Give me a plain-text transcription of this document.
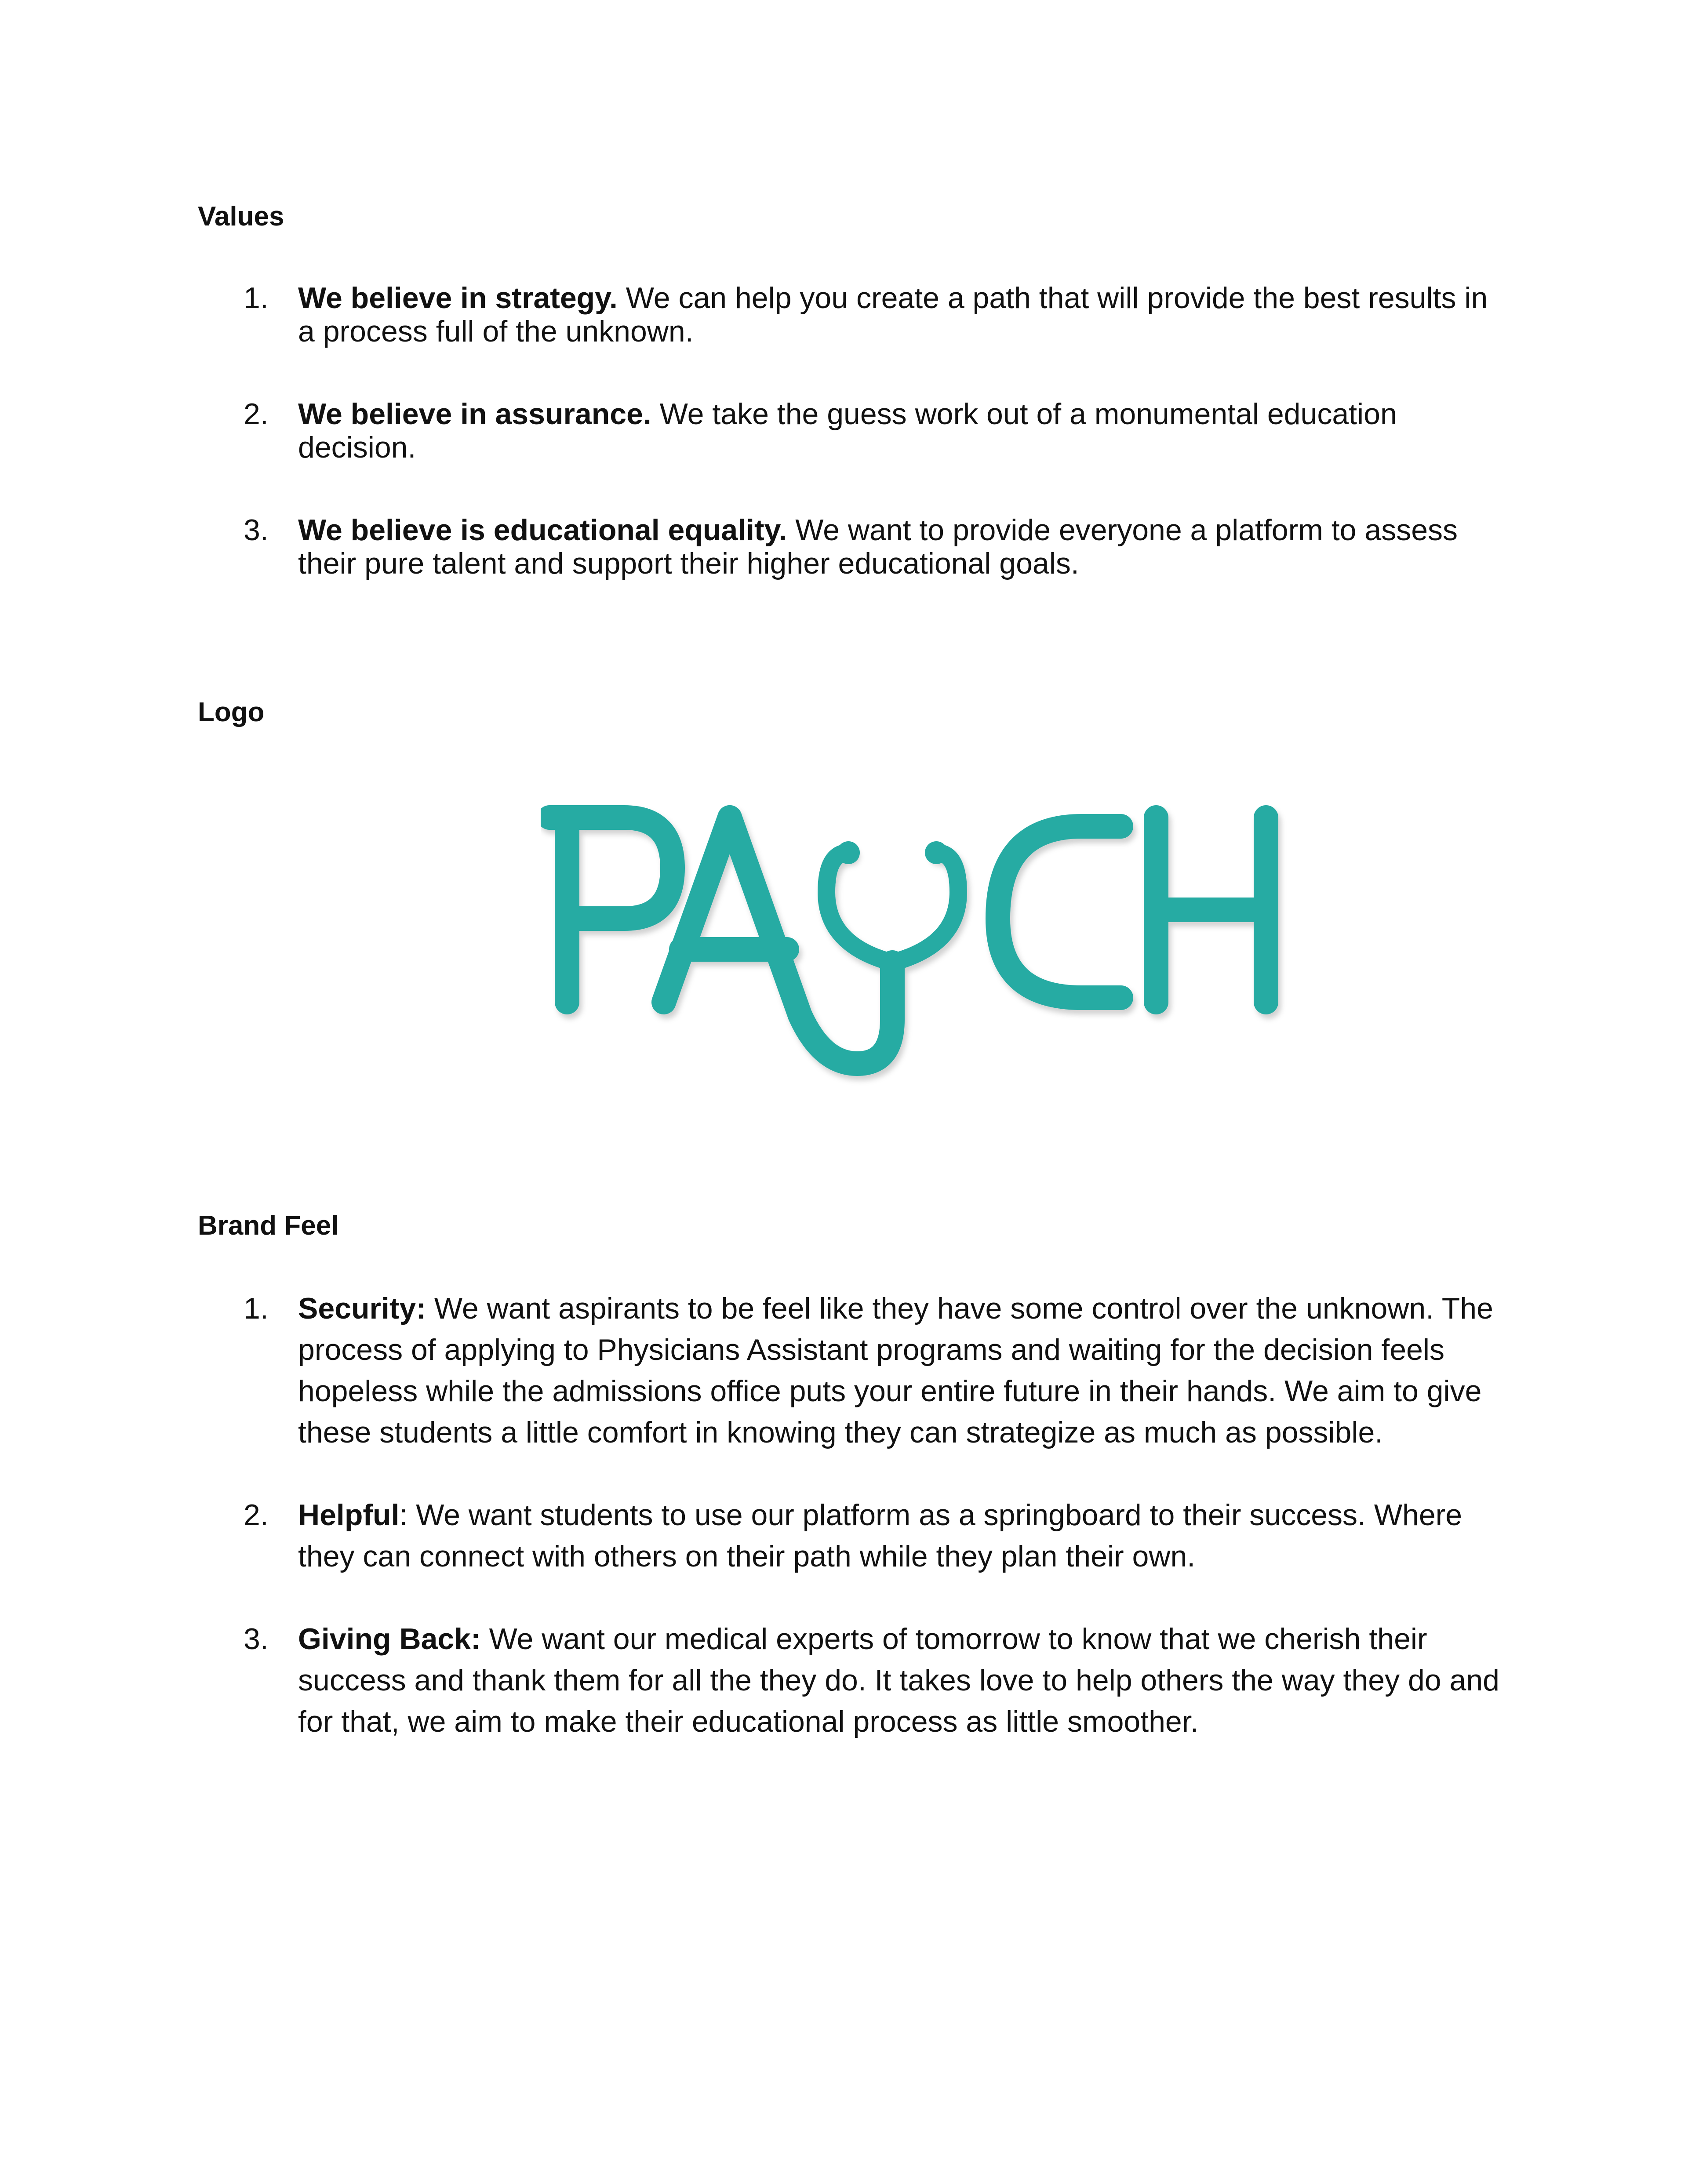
Values
1. We believe in strategy. We can help you create a path that will provide the best results in a process full of the unknown.
2. We believe in assurance. We take the guess work out of a monumental education decision.
3. We believe is educational equality. We want to provide everyone a platform to assess their pure talent and support their higher educational goals.
Logo
Brand Feel
1. Security: We want aspirants to be feel like they have some control over the unknown. The process of applying to Physicians Assistant programs and waiting for the decision feels hopeless while the admissions office puts your entire future in their hands. We aim to give these students a little comfort in knowing they can strategize as much as possible.
2. Helpful: We want students to use our platform as a springboard to their success. Where they can connect with others on their path while they plan their own.
3. Giving Back: We want our medical experts of tomorrow to know that we cherish their success and thank them for all the they do. It takes love to help others the way they do and for that, we aim to make their educational process as little smoother.
